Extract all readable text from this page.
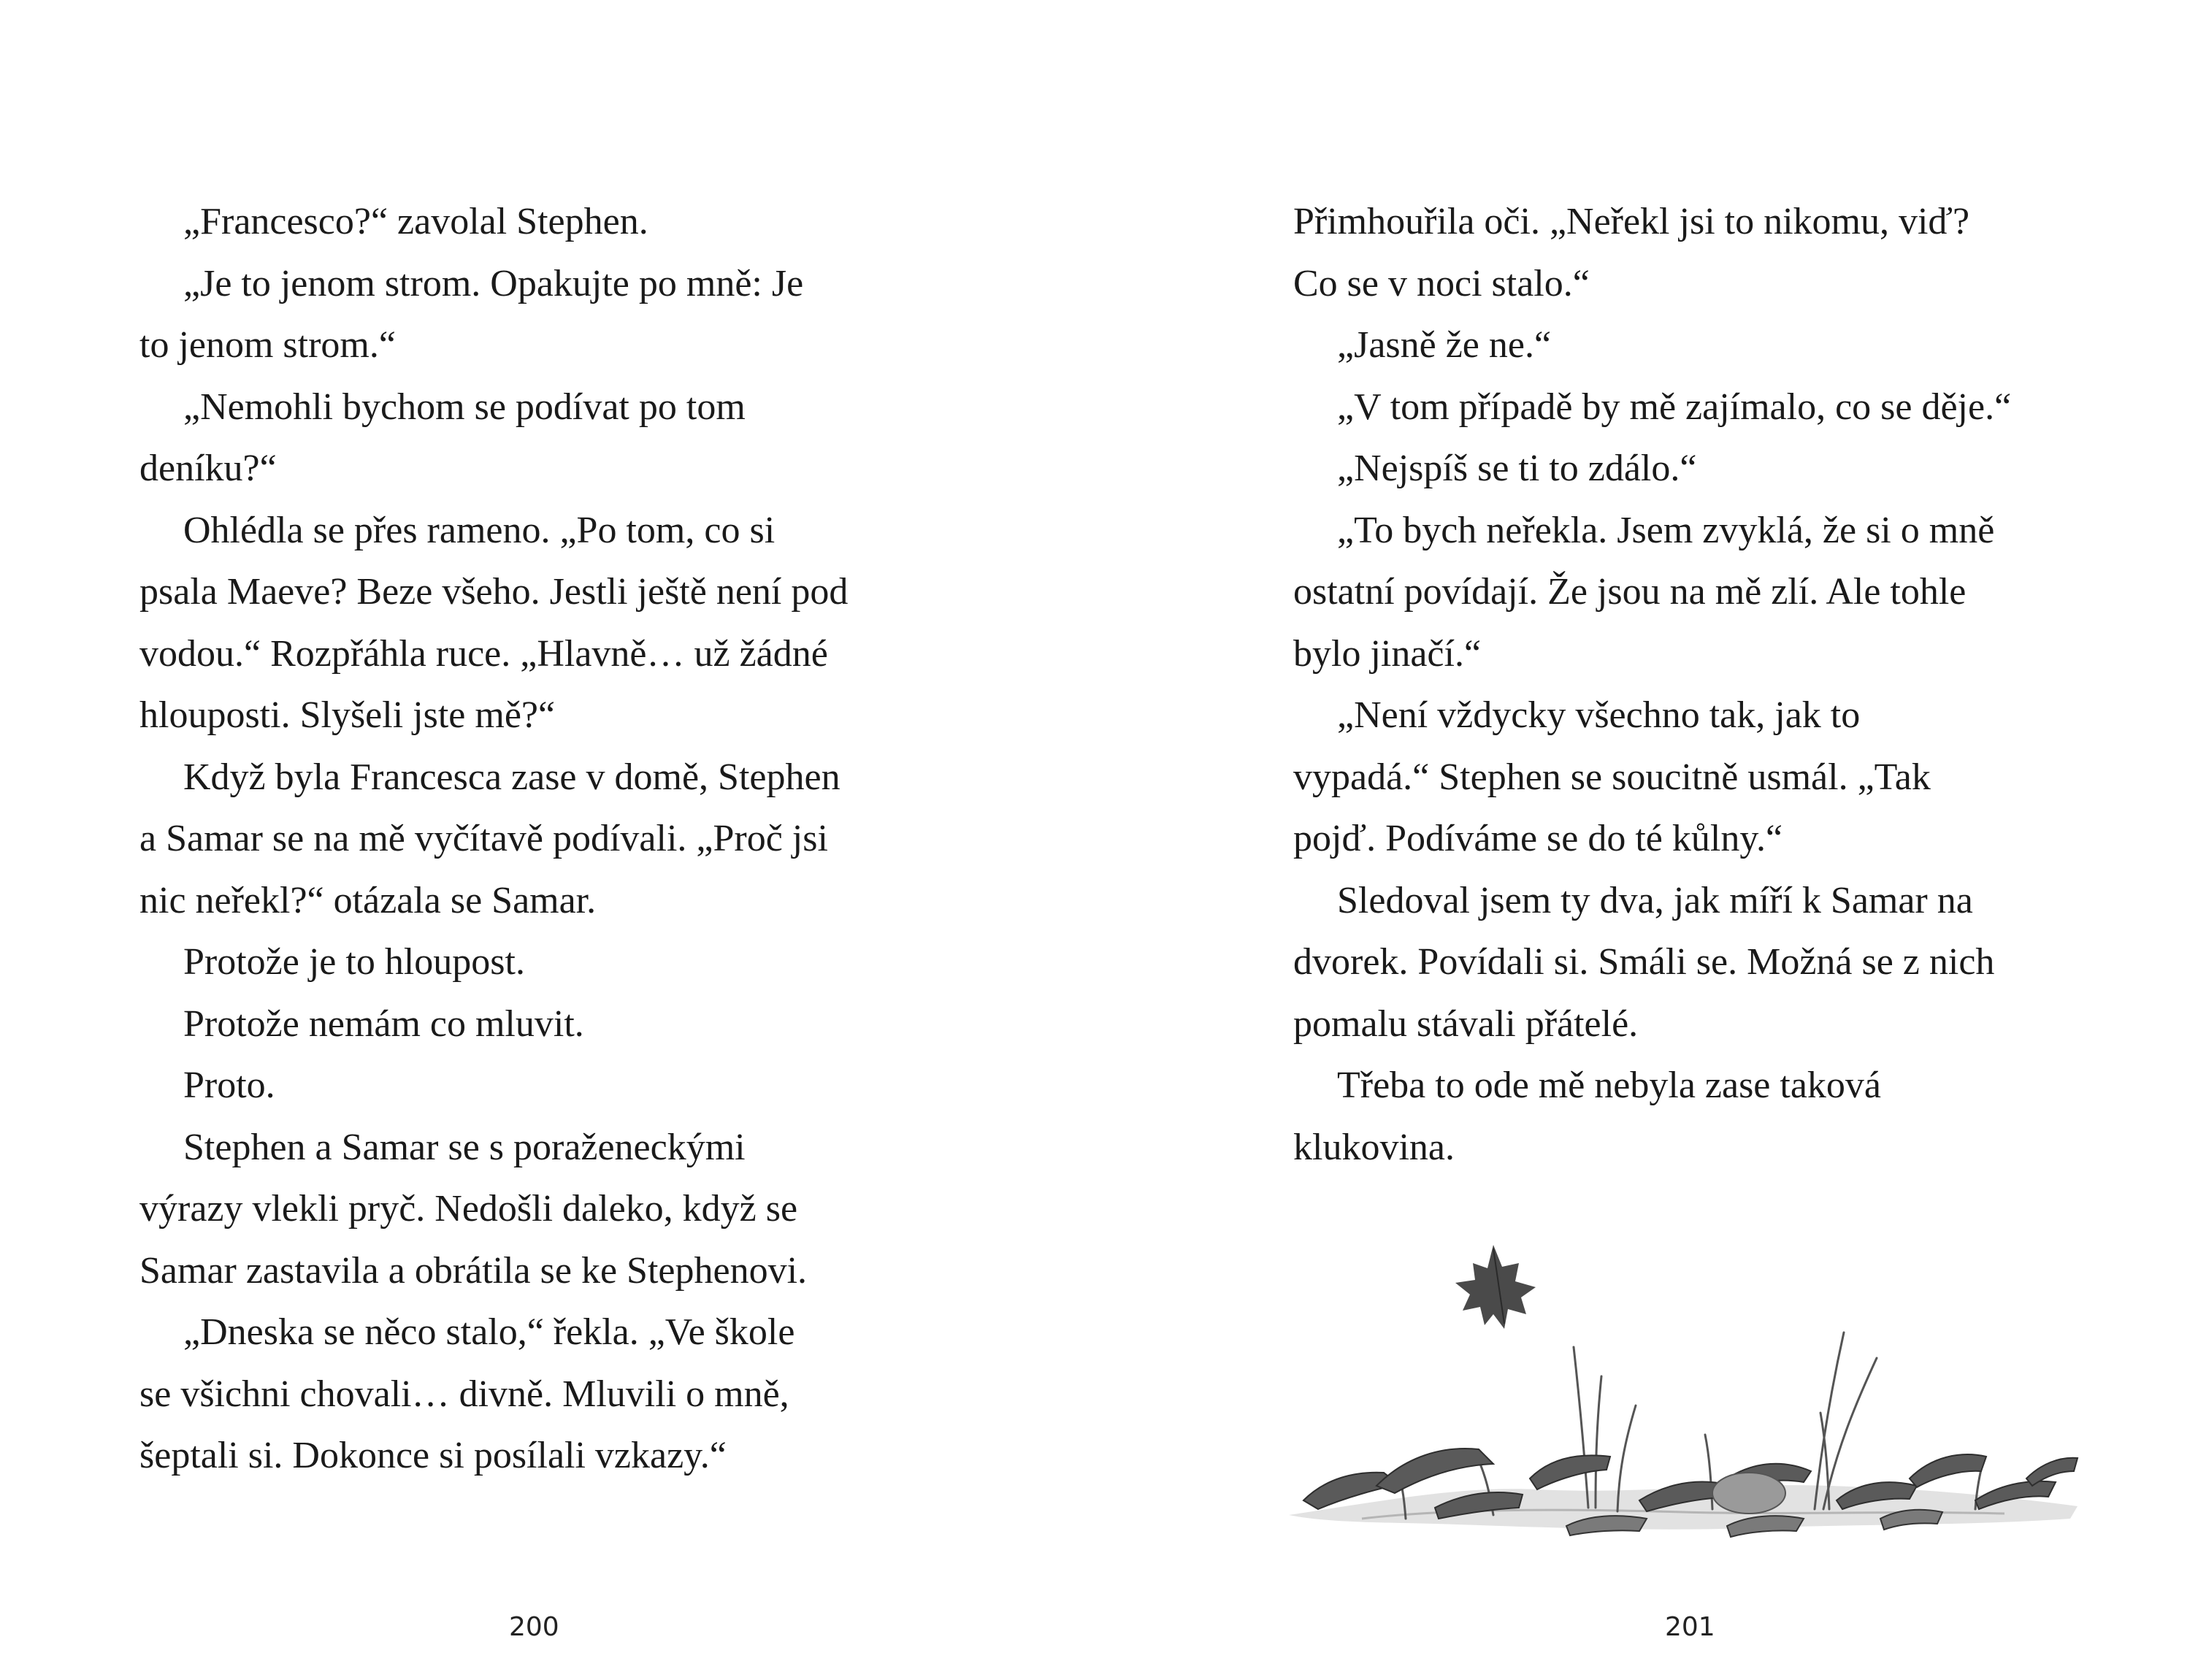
„Francesco?“ zavolal Stephen.
„Je to jenom strom. Opakujte po mně: Je
to jenom strom.“
„Nemohli bychom se podívat po tom
deníku?“
Ohlédla se přes rameno. „Po tom, co si
psala Maeve? Beze všeho. Jestli ještě není pod
vodou.“ Rozpřáhla ruce. „Hlavně… už žádné
hlouposti. Slyšeli jste mě?“
Když byla Francesca zase v domě, Stephen
a Samar se na mě vyčítavě podívali. „Proč jsi
nic neřekl?“ otázala se Samar.
Protože je to hloupost.
Protože nemám co mluvit.
Proto.
Stephen a Samar se s poraženeckými
výrazy vlekli pryč. Nedošli daleko, když se
Samar zastavila a obrátila se ke Stephenovi.
„Dneska se něco stalo,“ řekla. „Ve škole
se všichni chovali… divně. Mluvili o mně,
šeptali si. Dokonce si posílali vzkazy.“
200
Přimhouřila oči. „Neřekl jsi to nikomu, viď?
Co se v noci stalo.“
„Jasně že ne.“
„V tom případě by mě zajímalo, co se děje.“
„Nejspíš se ti to zdálo.“
„To bych neřekla. Jsem zvyklá, že si o mně
ostatní povídají. Že jsou na mě zlí. Ale tohle
bylo jinačí.“
„Není vždycky všechno tak, jak to
vypadá.“ Stephen se soucitně usmál. „Tak
pojď. Podíváme se do té kůlny.“
Sledoval jsem ty dva, jak míří k Samar na
dvorek. Povídali si. Smáli se. Možná se z nich
pomalu stávali přátelé.
Třeba to ode mě nebyla zase taková
klukovina.
201
